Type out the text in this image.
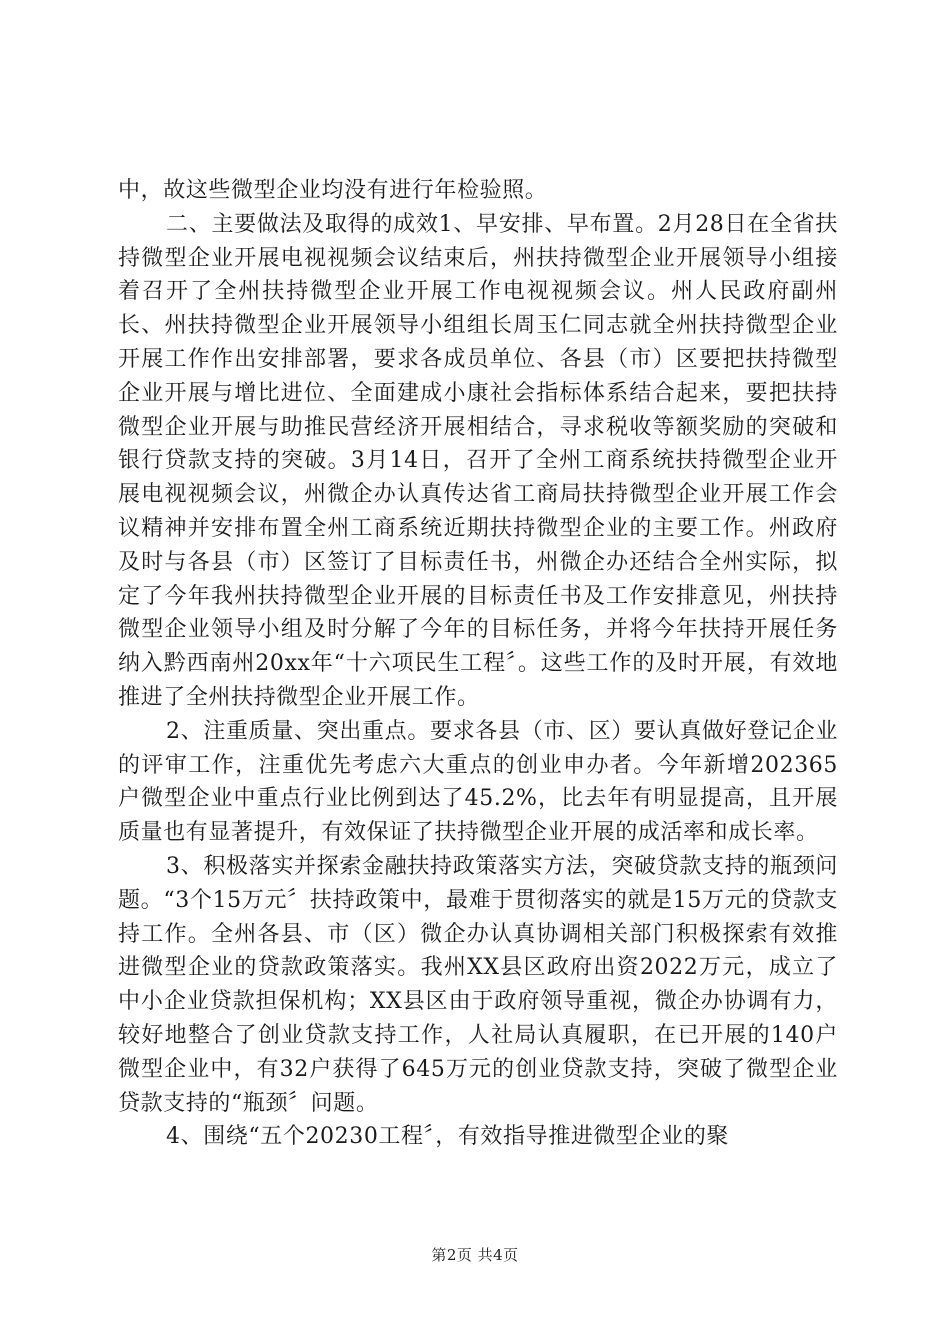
中，故这些微型企业均没有进行年检验照。

二、主要做法及取得的成效1、早安排、早布置。2月28日在全省扶持微型企业开展电视视频会议结束后，州扶持微型企业开展领导小组接着召开了全州扶持微型企业开展工作电视视频会议。州人民政府副州长、州扶持微型企业开展领导小组组长周玉仁同志就全州扶持微型企业开展工作作出安排部署，要求各成员单位、各县（市）区要把扶持微型企业开展与增比进位、全面建成小康社会指标体系结合起来，要把扶持微型企业开展与助推民营经济开展相结合，寻求税收等额奖励的突破和银行贷款支持的突破。3月14日，召开了全州工商系统扶持微型企业开展电视视频会议，州微企办认真传达省工商局扶持微型企业开展工作会议精神并安排布置全州工商系统近期扶持微型企业的主要工作。州政府及时与各县（市）区签订了目标责任书，州微企办还结合全州实际，拟定了今年我州扶持微型企业开展的目标责任书及工作安排意见，州扶持微型企业领导小组及时分解了今年的目标任务，并将今年扶持开展任务纳入黔西南州20xx年“十六项民生工程〞。这些工作的及时开展，有效地推进了全州扶持微型企业开展工作。

2、注重质量、突出重点。要求各县（市、区）要认真做好登记企业的评审工作，注重优先考虑六大重点的创业申办者。今年新增202365户微型企业中重点行业比例到达了45.2%，比去年有明显提高，且开展质量也有显著提升，有效保证了扶持微型企业开展的成活率和成长率。

3、积极落实并探索金融扶持政策落实方法，突破贷款支持的瓶颈问题。“3个15万元〞扶持政策中，最难于贯彻落实的就是15万元的贷款支持工作。全州各县、市（区）微企办认真协调相关部门积极探索有效推进微型企业的贷款政策落实。我州XX县区政府出资2022万元，成立了中小企业贷款担保机构；XX县区由于政府领导重视，微企办协调有力，较好地整合了创业贷款支持工作，人社局认真履职，在已开展的140户微型企业中，有32户获得了645万元的创业贷款支持，突破了微型企业贷款支持的“瓶颈〞问题。

4、围绕“五个20230工程〞，有效指导推进微型企业的聚

第2页 共4页
